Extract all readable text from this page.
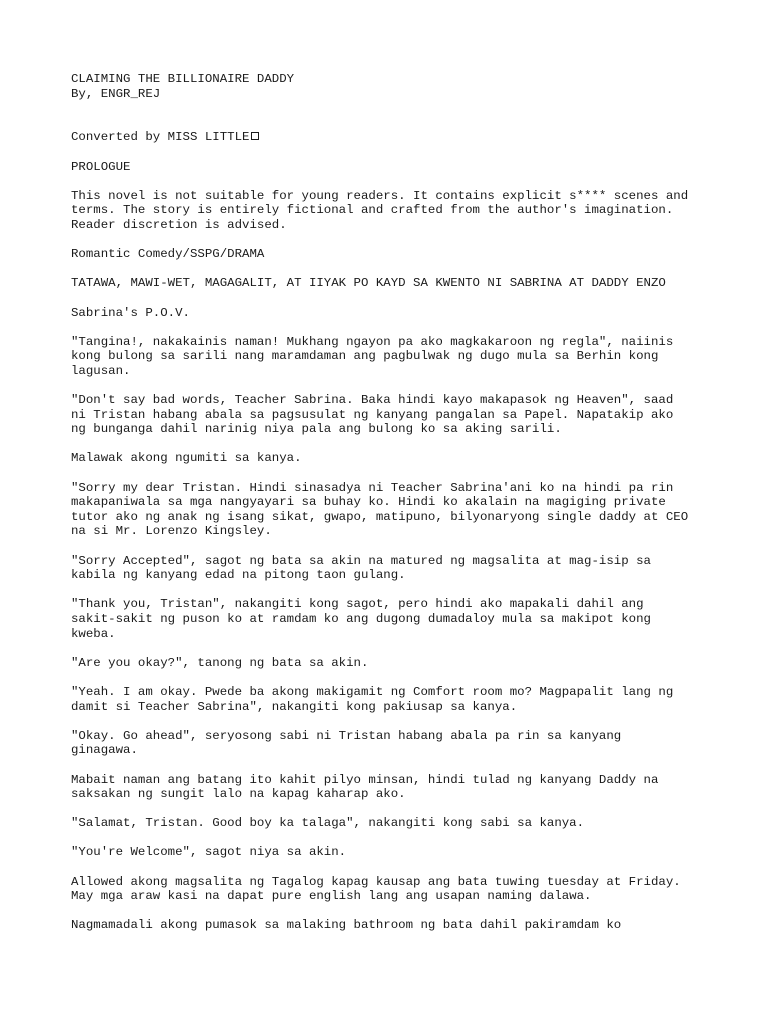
CLAIMING THE BILLIONAIRE DADDY

By, ENGR_REJ

Converted by MISS LITTLE

PROLOGUE

This novel is not suitable for young readers. It contains explicit s**** scenes and
terms. The story is entirely fictional and crafted from the author's imagination.
Reader discretion is advised.

Romantic Comedy/SSPG/DRAMA

TATAWA, MAWI-WET, MAGAGALIT, AT IIYAK PO KAYD SA KWENTO NI SABRINA AT DADDY ENZO

Sabrina's P.O.V.

"Tangina!, nakakainis naman! Mukhang ngayon pa ako magkakaroon ng regla", naiinis
kong bulong sa sarili nang maramdaman ang pagbulwak ng dugo mula sa Berhin kong
lagusan.

"Don't say bad words, Teacher Sabrina. Baka hindi kayo makapasok ng Heaven", saad
ni Tristan habang abala sa pagsusulat ng kanyang pangalan sa Papel. Napatakip ako
ng bunganga dahil narinig niya pala ang bulong ko sa aking sarili.

Malawak akong ngumiti sa kanya.

"Sorry my dear Tristan. Hindi sinasadya ni Teacher Sabrina'ani ko na hindi pa rin
makapaniwala sa mga nangyayari sa buhay ko. Hindi ko akalain na magiging private
tutor ako ng anak ng isang sikat, gwapo, matipuno, bilyonaryong single daddy at CEO
na si Mr. Lorenzo Kingsley.

"Sorry Accepted", sagot ng bata sa akin na matured ng magsalita at mag-isip sa
kabila ng kanyang edad na pitong taon gulang.

"Thank you, Tristan", nakangiti kong sagot, pero hindi ako mapakali dahil ang
sakit-sakit ng puson ko at ramdam ko ang dugong dumadaloy mula sa makipot kong
kweba.

"Are you okay?", tanong ng bata sa akin.

"Yeah. I am okay. Pwede ba akong makigamit ng Comfort room mo? Magpapalit lang ng
damit si Teacher Sabrina", nakangiti kong pakiusap sa kanya.

"Okay. Go ahead", seryosong sabi ni Tristan habang abala pa rin sa kanyang
ginagawa.

Mabait naman ang batang ito kahit pilyo minsan, hindi tulad ng kanyang Daddy na
saksakan ng sungit lalo na kapag kaharap ako.

"Salamat, Tristan. Good boy ka talaga", nakangiti kong sabi sa kanya.

"You're Welcome", sagot niya sa akin.

Allowed akong magsalita ng Tagalog kapag kausap ang bata tuwing tuesday at Friday.
May mga araw kasi na dapat pure english lang ang usapan naming dalawa.

Nagmamadali akong pumasok sa malaking bathroom ng bata dahil pakiramdam ko
